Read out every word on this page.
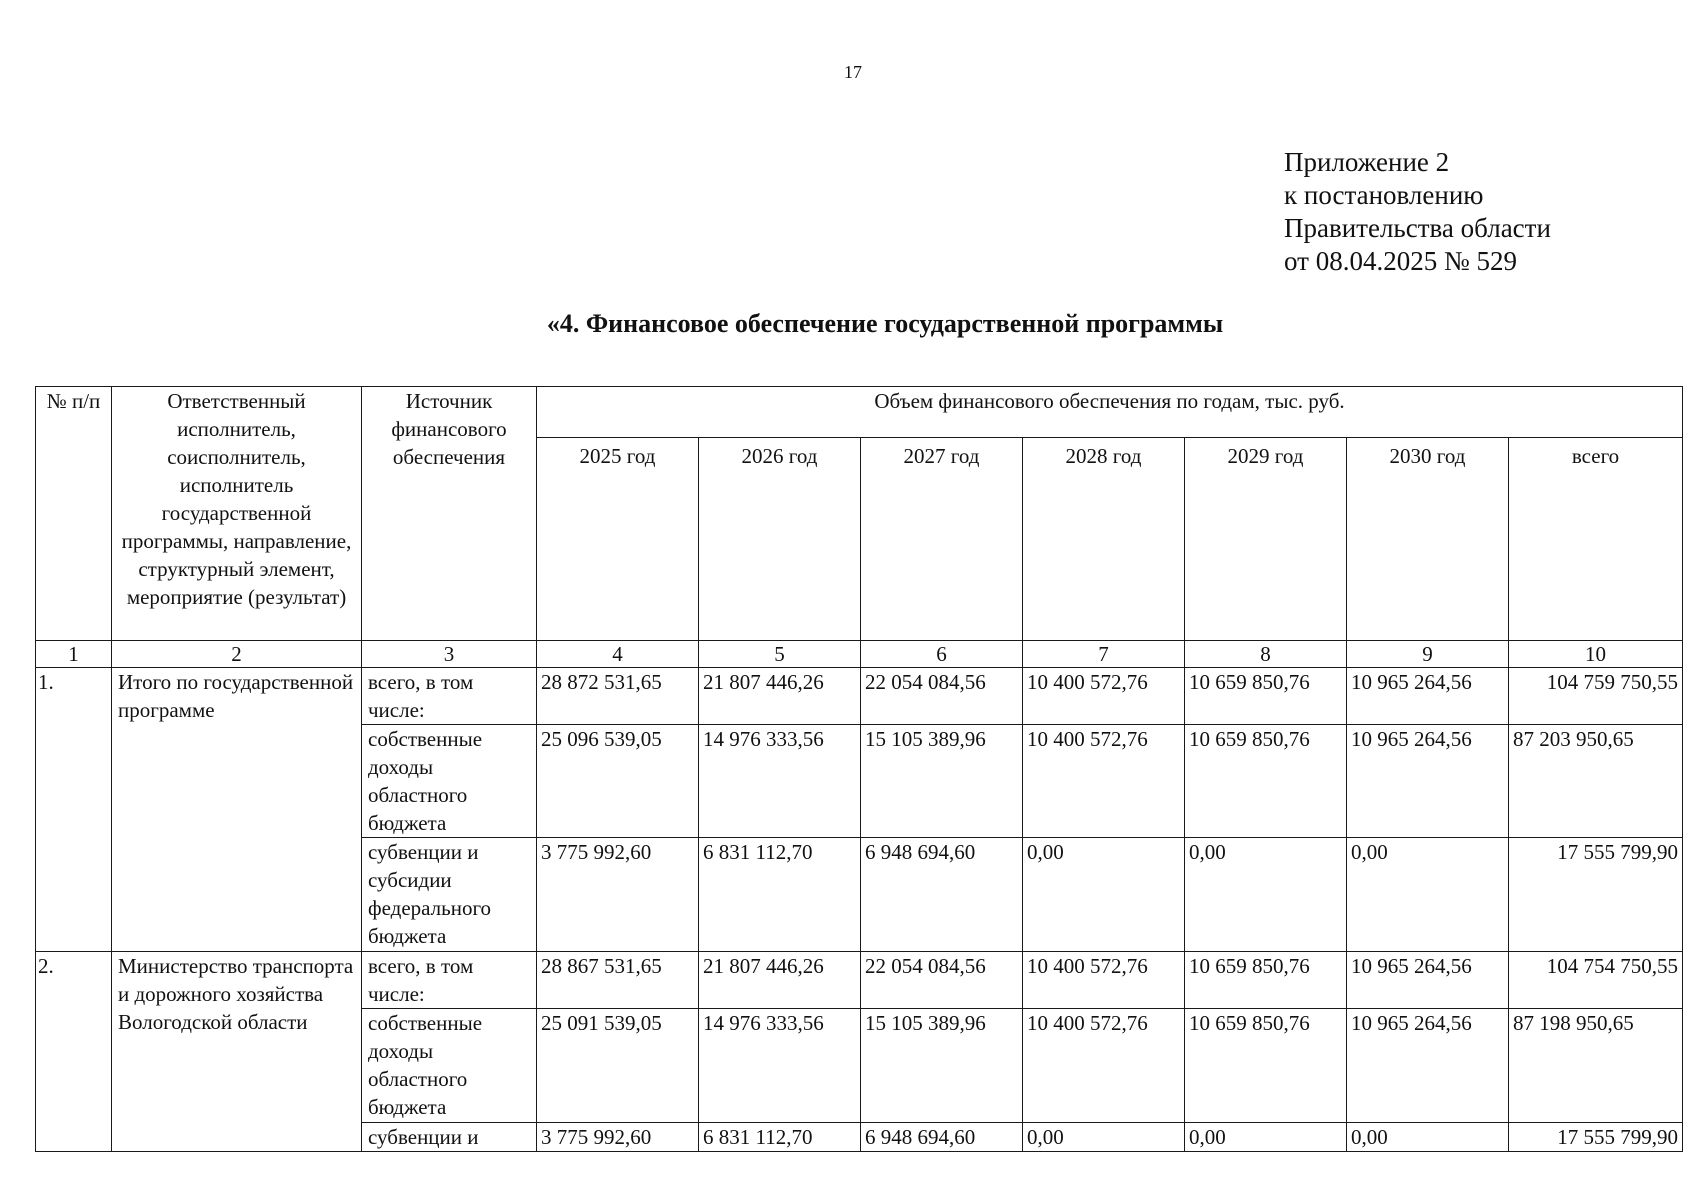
17
Приложение 2
к постановлению
Правительства области
от 08.04.2025 № 529
«4. Финансовое обеспечение государственной программы
№ п/п	Ответственный исполнитель, соисполнитель, исполнитель государственной программы, направление, структурный элемент, мероприятие (результат)	Источник финансового обеспечения	Объем финансового обеспечения по годам, тыс. руб.						
			2025 год	2026 год	2027 год	2028 год	2029 год	2030 год	всего
1	2	3	4	5	6	7	8	9	10
1.	Итого по государственной программе	всего, в том числе:	28 872 531,65	21 807 446,26	22 054 084,56	10 400 572,76	10 659 850,76	10 965 264,56	104 759 750,55
		собственные доходы областного бюджета	25 096 539,05	14 976 333,56	15 105 389,96	10 400 572,76	10 659 850,76	10 965 264,56	87 203 950,65
		субвенции и субсидии федерального бюджета	3 775 992,60	6 831 112,70	6 948 694,60	0,00	0,00	0,00	17 555 799,90
2.	Министерство транспорта и дорожного хозяйства Вологодской области	всего, в том числе:	28 867 531,65	21 807 446,26	22 054 084,56	10 400 572,76	10 659 850,76	10 965 264,56	104 754 750,55
		собственные доходы областного бюджета	25 091 539,05	14 976 333,56	15 105 389,96	10 400 572,76	10 659 850,76	10 965 264,56	87 198 950,65
		субвенции и	3 775 992,60	6 831 112,70	6 948 694,60	0,00	0,00	0,00	17 555 799,90
